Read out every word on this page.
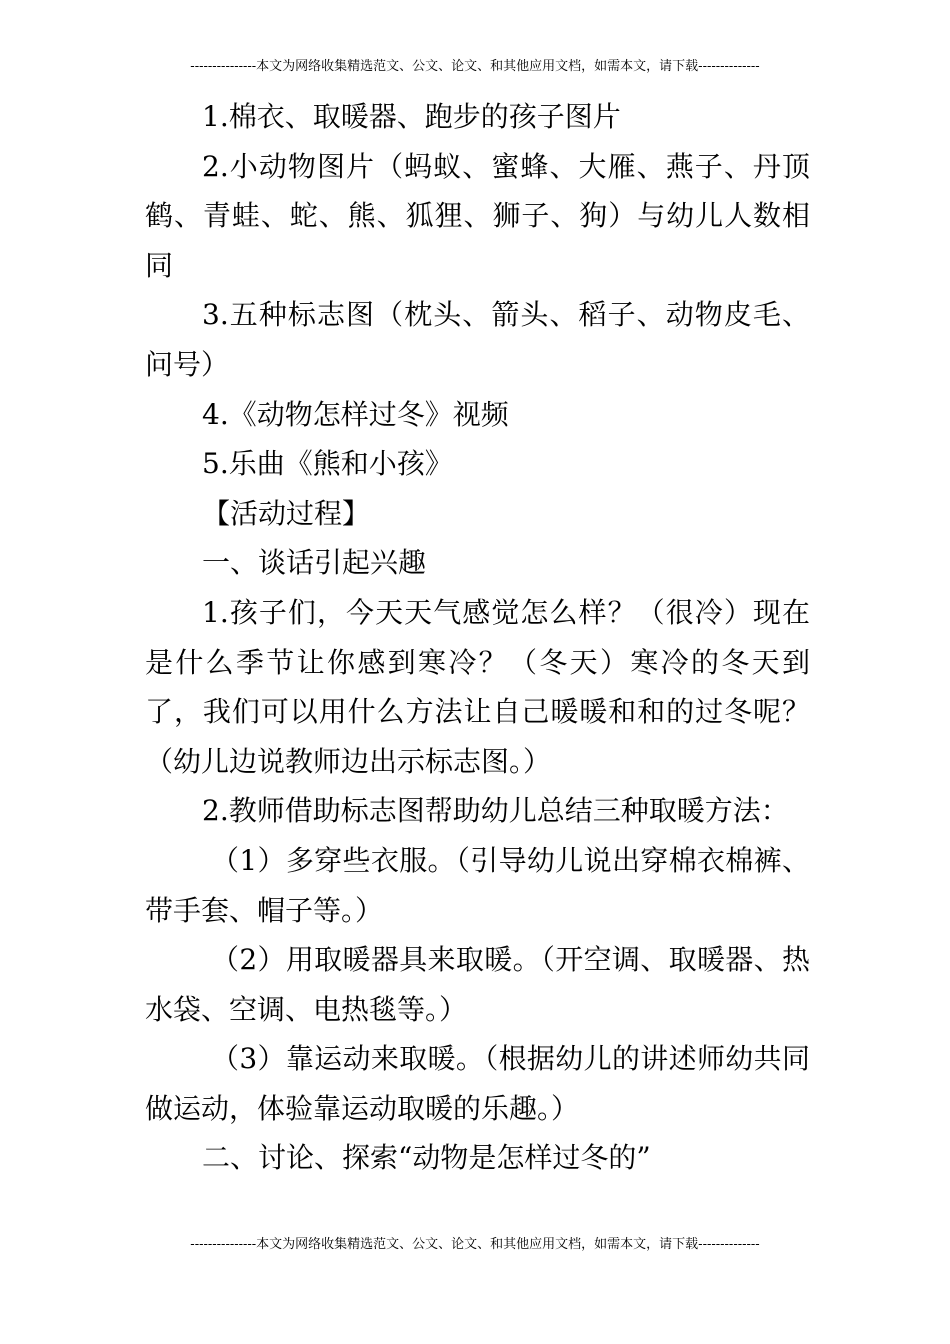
---------------本文为网络收集精选范文、公文、论文、和其他应用文档，如需本文，请下载--------------

1.棉衣、取暖器、跑步的孩子图片

2.小动物图片（蚂蚁、蜜蜂、大雁、燕子、丹顶鹤、青蛙、蛇、熊、狐狸、狮子、狗）与幼儿人数相同

3.五种标志图（枕头、箭头、稻子、动物皮毛、问号）

4.《动物怎样过冬》视频

5.乐曲《熊和小孩》

【活动过程】

一、谈话引起兴趣

1.孩子们，今天天气感觉怎么样？（很冷）现在是什么季节让你感到寒冷？（冬天）寒冷的冬天到了，我们可以用什么方法让自己暖暖和和的过冬呢？（幼儿边说教师边出示标志图。）

2.教师借助标志图帮助幼儿总结三种取暖方法：

（1）多穿些衣服。（引导幼儿说出穿棉衣棉裤、带手套、帽子等。）

（2）用取暖器具来取暖。（开空调、取暖器、热水袋、空调、电热毯等。）

（3）靠运动来取暖。（根据幼儿的讲述师幼共同做运动，体验靠运动取暖的乐趣。）

二、讨论、探索“动物是怎样过冬的”

---------------本文为网络收集精选范文、公文、论文、和其他应用文档，如需本文，请下载--------------
